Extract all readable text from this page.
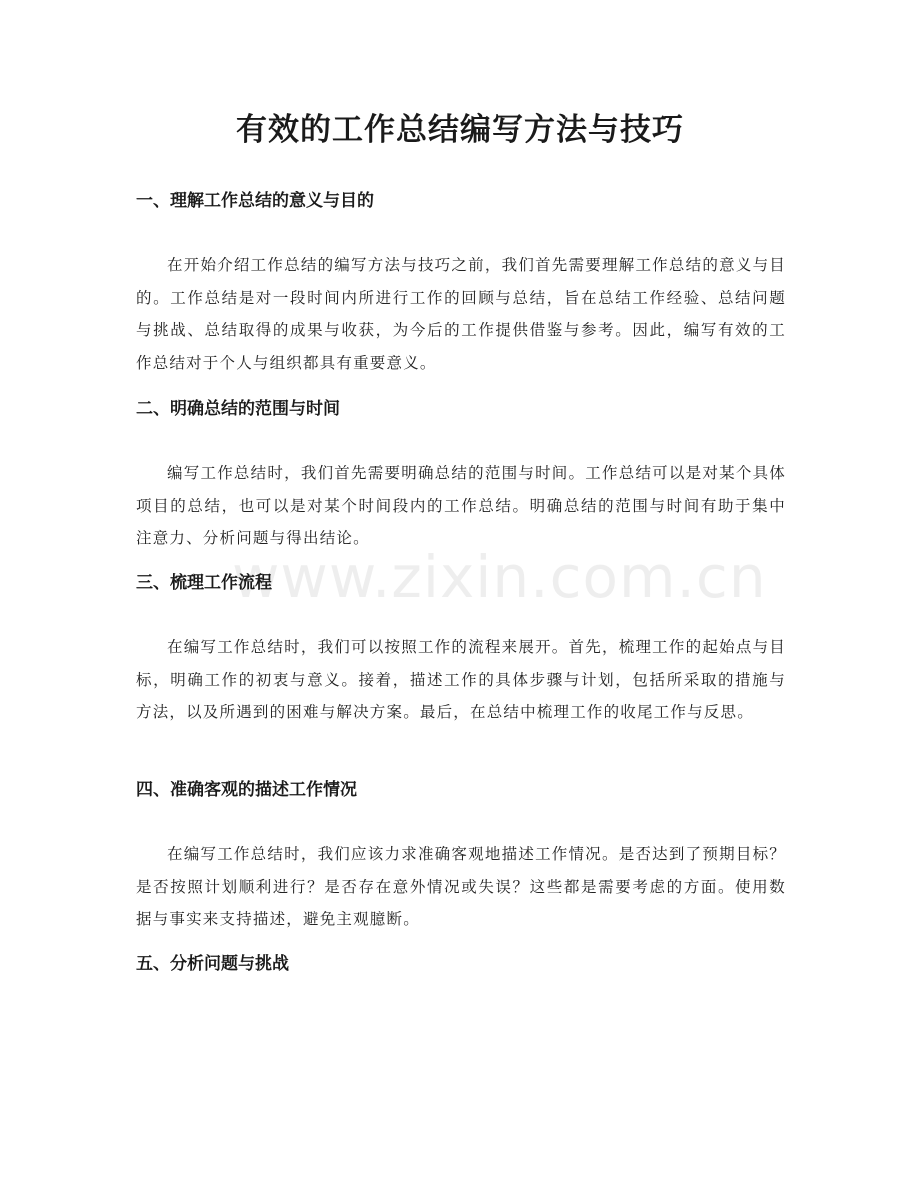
有效的工作总结编写方法与技巧
www.zixin.com.cn
一、理解工作总结的意义与目的

在开始介绍工作总结的编写方法与技巧之前，我们首先需要理解工作总结的意义与目的。工作总结是对一段时间内所进行工作的回顾与总结，旨在总结工作经验、总结问题与挑战、总结取得的成果与收获，为今后的工作提供借鉴与参考。因此，编写有效的工作总结对于个人与组织都具有重要意义。

二、明确总结的范围与时间

编写工作总结时，我们首先需要明确总结的范围与时间。工作总结可以是对某个具体项目的总结，也可以是对某个时间段内的工作总结。明确总结的范围与时间有助于集中注意力、分析问题与得出结论。

三、梳理工作流程

在编写工作总结时，我们可以按照工作的流程来展开。首先，梳理工作的起始点与目标，明确工作的初衷与意义。接着，描述工作的具体步骤与计划，包括所采取的措施与方法，以及所遇到的困难与解决方案。最后，在总结中梳理工作的收尾工作与反思。

四、准确客观的描述工作情况

在编写工作总结时，我们应该力求准确客观地描述工作情况。是否达到了预期目标？是否按照计划顺利进行？是否存在意外情况或失误？这些都是需要考虑的方面。使用数据与事实来支持描述，避免主观臆断。

五、分析问题与挑战
